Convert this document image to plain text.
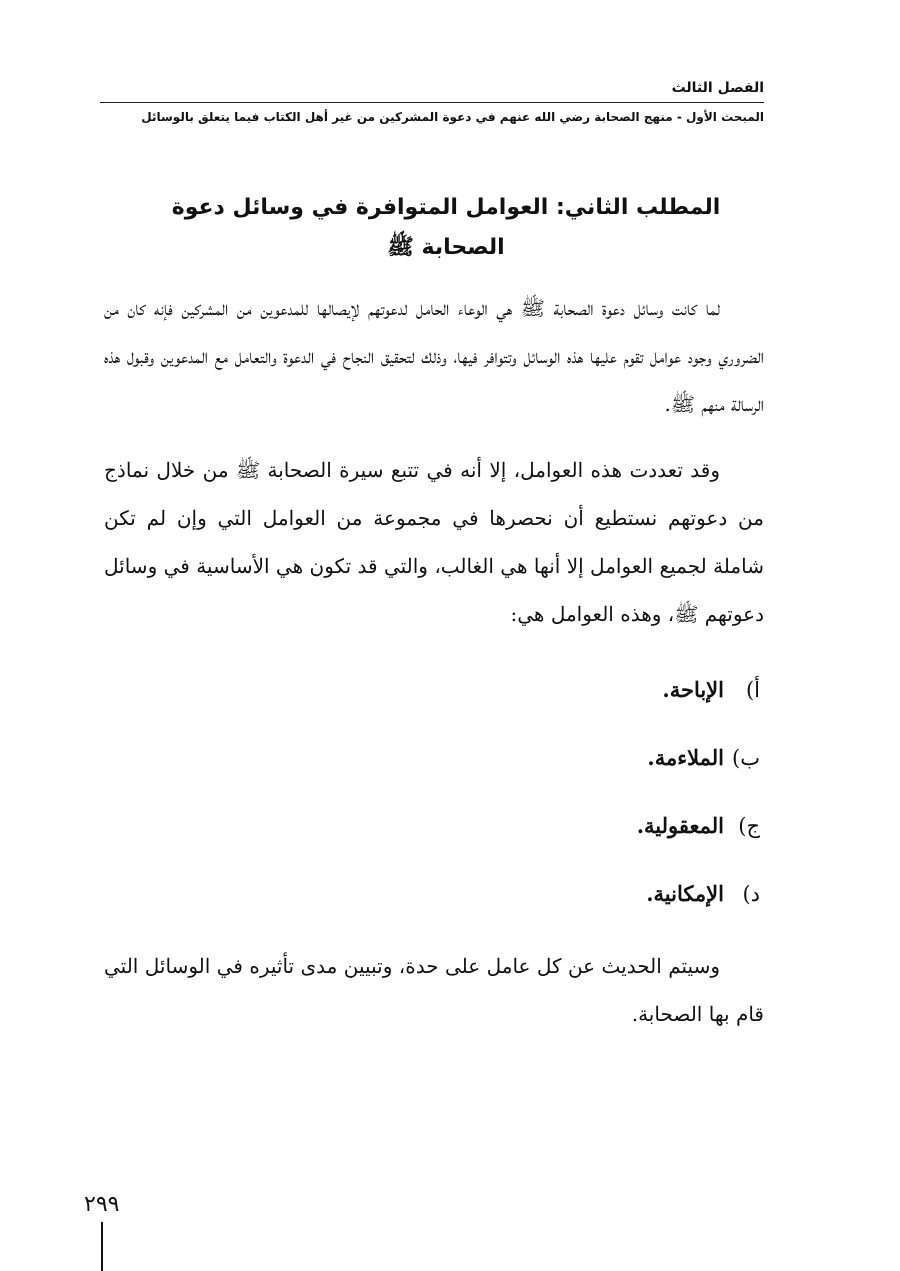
الفصل الثالث
المبحث الأول - منهج الصحابة رضي الله عنهم في دعوة المشركين من غير أهل الكتاب فيما يتعلق بالوسائل
المطلب الثاني: العوامل المتوافرة في وسائل دعوة الصحابة ﷺ

لما كانت وسائل دعوة الصحابة ﷺ هي الوعاء الحامل لدعوتهم لإيصالها للمدعوين من المشركين فإنه كان من الضروري وجود عوامل تقوم عليها هذه الوسائل وتتوافر فيها، وذلك لتحقيق النجاح في الدعوة والتعامل مع المدعوين وقبول هذه الرسالة منهم ﷺ.

وقد تعددت هذه العوامل، إلا أنه في تتبع سيرة الصحابة ﷺ من خلال نماذج من دعوتهم نستطيع أن نحصرها في مجموعة من العوامل التي وإن لم تكن شاملة لجميع العوامل إلا أنها هي الغالب، والتي قد تكون هي الأساسية في وسائل دعوتهم ﷺ، وهذه العوامل هي:

أ)
الإباحة.
ب)
الملاءمة.
ج)
المعقولية.
د)
الإمكانية.

وسيتم الحديث عن كل عامل على حدة، وتبيين مدى تأثيره في الوسائل التي قام بها الصحابة.

٢٩٩
